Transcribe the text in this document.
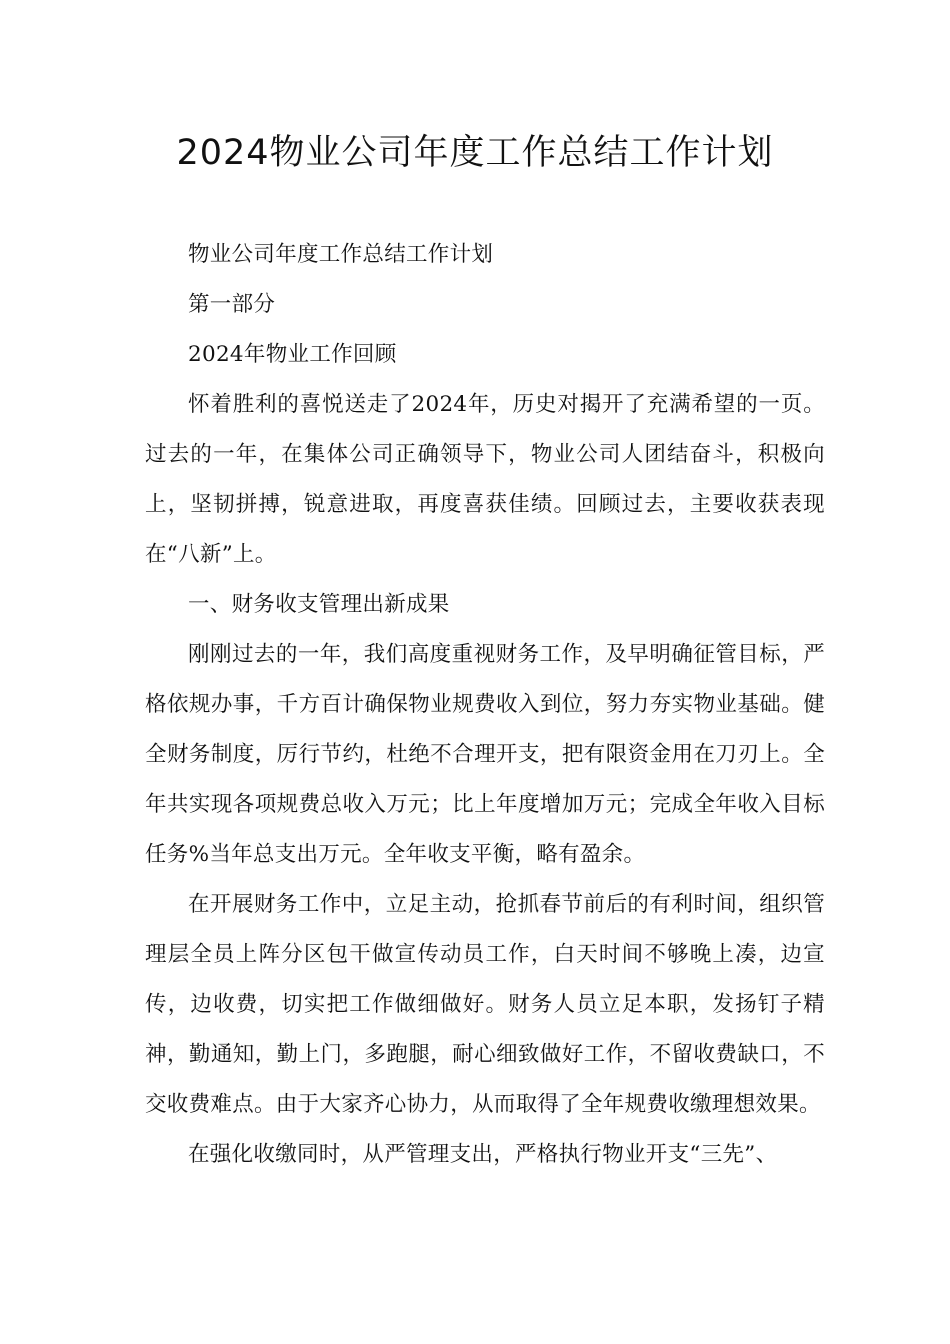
2024物业公司年度工作总结工作计划

物业公司年度工作总结工作计划

第一部分

2024年物业工作回顾

怀着胜利的喜悦送走了2024年，历史对揭开了充满希望的一页。过去的一年，在集体公司正确领导下，物业公司人团结奋斗，积极向上，坚韧拼搏，锐意进取，再度喜获佳绩。回顾过去，主要收获表现在“八新”上。

一、财务收支管理出新成果

刚刚过去的一年，我们高度重视财务工作，及早明确征管目标，严格依规办事，千方百计确保物业规费收入到位，努力夯实物业基础。健全财务制度，厉行节约，杜绝不合理开支，把有限资金用在刀刃上。全年共实现各项规费总收入万元；比上年度增加万元；完成全年收入目标任务%当年总支出万元。全年收支平衡，略有盈余。

在开展财务工作中，立足主动，抢抓春节前后的有利时间，组织管理层全员上阵分区包干做宣传动员工作，白天时间不够晚上凑，边宣传，边收费，切实把工作做细做好。财务人员立足本职，发扬钉子精神，勤通知，勤上门，多跑腿，耐心细致做好工作，不留收费缺口，不交收费难点。由于大家齐心协力，从而取得了全年规费收缴理想效果。

在强化收缴同时，从严管理支出，严格执行物业开支“三先”、
